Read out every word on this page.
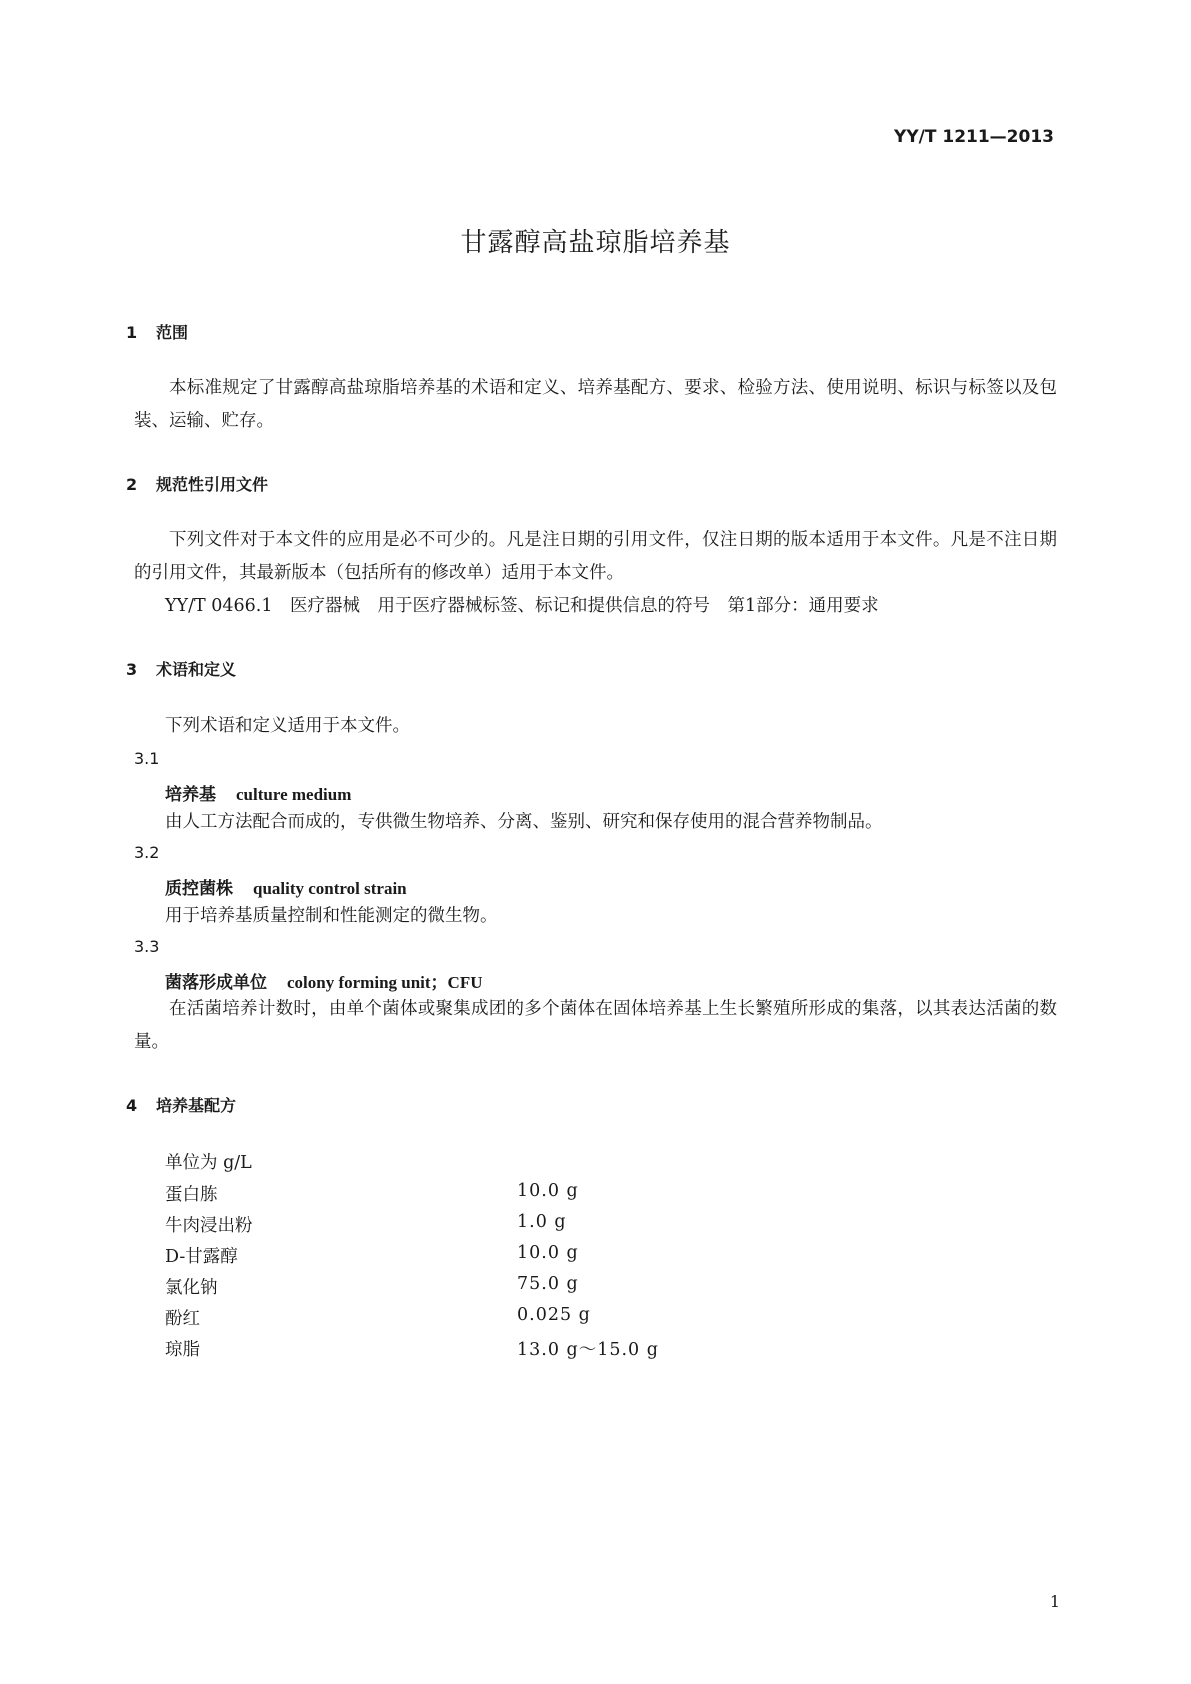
YY/T 1211—2013
甘露醇高盐琼脂培养基
1 范围
本标准规定了甘露醇高盐琼脂培养基的术语和定义、培养基配方、要求、检验方法、使用说明、标识与标签以及包装、运输、贮存。
2 规范性引用文件
下列文件对于本文件的应用是必不可少的。凡是注日期的引用文件，仅注日期的版本适用于本文件。凡是不注日期的引用文件，其最新版本（包括所有的修改单）适用于本文件。
YY/T 0466.1　医疗器械　用于医疗器械标签、标记和提供信息的符号　第1部分：通用要求
3 术语和定义
下列术语和定义适用于本文件。
3.1
培养基 culture medium
由人工方法配合而成的，专供微生物培养、分离、鉴别、研究和保存使用的混合营养物制品。
3.2
质控菌株 quality control strain
用于培养基质量控制和性能测定的微生物。
3.3
菌落形成单位 colony forming unit；CFU
在活菌培养计数时，由单个菌体或聚集成团的多个菌体在固体培养基上生长繁殖所形成的集落，以其表达活菌的数量。
4 培养基配方
单位为 g/L
蛋白胨	10.0 g
牛肉浸出粉	1.0 g
D-甘露醇	10.0 g
氯化钠	75.0 g
酚红	0.025 g
琼脂	13.0 g～15.0 g
1
